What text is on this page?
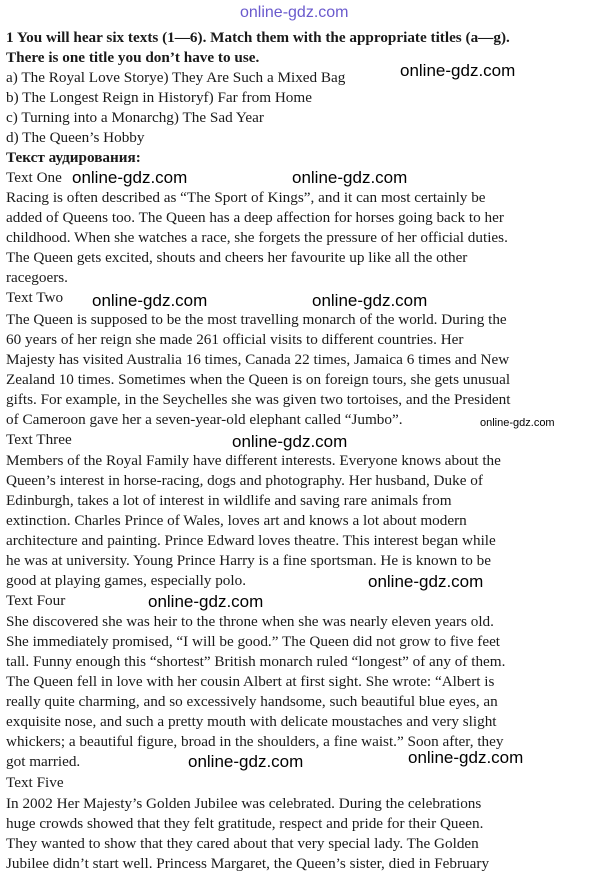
1 You will hear six texts (1—6). Match them with the appropriate titles (a—g).
There is one title you don’t have to use.
a) The Royal Love Storye) They Are Such a Mixed Bag
b) The Longest Reign in Historyf) Far from Home
c) Turning into a Monarchg) The Sad Year
d) The Queen’s Hobby
Текст аудирования:
Text One
Racing is often described as “The Sport of Kings”, and it can most certainly be
added of Queens too. The Queen has a deep affection for horses going back to her
childhood. When she watches a race, she forgets the pressure of her official duties.
The Queen gets excited, shouts and cheers her favourite up like all the other
racegoers.
Text Two
The Queen is supposed to be the most travelling monarch of the world. During the
60 years of her reign she made 261 official visits to different countries. Her
Majesty has visited Australia 16 times, Canada 22 times, Jamaica 6 times and New
Zealand 10 times. Sometimes when the Queen is on foreign tours, she gets unusual
gifts. For example, in the Seychelles she was given two tortoises, and the President
of Cameroon gave her a seven-year-old elephant called “Jumbo”.
Text Three
Members of the Royal Family have different interests. Everyone knows about the
Queen’s interest in horse-racing, dogs and photography. Her husband, Duke of
Edinburgh, takes a lot of interest in wildlife and saving rare animals from
extinction. Charles Prince of Wales, loves art and knows a lot about modern
architecture and painting. Prince Edward loves theatre. This interest began while
he was at university. Young Prince Harry is a fine sportsman. He is known to be
good at playing games, especially polo.
Text Four
She discovered she was heir to the throne when she was nearly eleven years old.
She immediately promised, “I will be good.” The Queen did not grow to five feet
tall. Funny enough this “shortest” British monarch ruled “longest” of any of them.
The Queen fell in love with her cousin Albert at first sight. She wrote: “Albert is
really quite charming, and so excessively handsome, such beautiful blue eyes, an
exquisite nose, and such a pretty mouth with delicate moustaches and very slight
whickers; a beautiful figure, broad in the shoulders, a fine waist.” Soon after, they
got married.
Text Five
In 2002 Her Majesty’s Golden Jubilee was celebrated. During the celebrations
huge crowds showed that they felt gratitude, respect and pride for their Queen.
They wanted to show that they cared about that very special lady. The Golden
Jubilee didn’t start well. Princess Margaret, the Queen’s sister, died in February
online-gdz.com
online-gdz.com
online-gdz.com	online-gdz.com
online-gdz.com	online-gdz.com
online-gdz.com
online-gdz.com
online-gdz.com
online-gdz.com
online-gdz.com	online-gdz.com
